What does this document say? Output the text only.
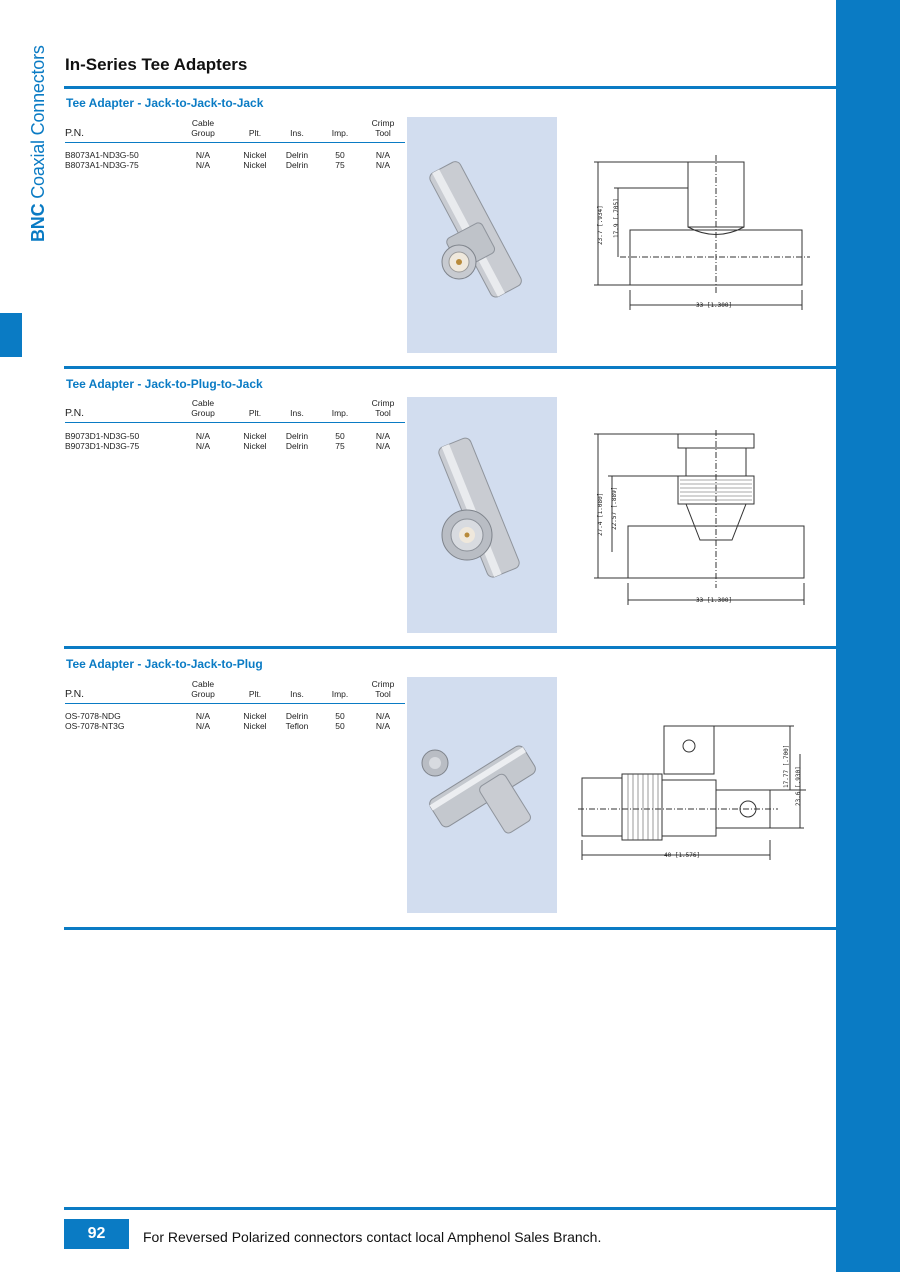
BNC Coaxial Connectors In-Series Tee Adapters
Tee Adapter - Jack-to-Jack-to-Jack
P.N.
Cable
Group	Plt.	Ins.	Imp.
Crimp
Tool
B8073A1-ND3G-50	N/A	Nickel	Delrin	50	N/A
B8073A1-ND3G-75	N/A	Nickel	Delrin	75	N/A
23.7 [.934] 17.9 [.705]
33 [1.300]
Tee Adapter - Jack-to-Plug-to-Jack
P.N.
Cable
Group	Plt.	Ins.	Imp.
Crimp
Tool
B9073D1-ND3G-50	N/A	Nickel	Delrin	50	N/A
B9073D1-ND3G-75	N/A	Nickel	Delrin	75	N/A
27.4 [1.080] 22.57 [.889]
33 [1.300]
Tee Adapter - Jack-to-Jack-to-Plug
P.N.
Cable
Group	Plt.	Ins.	Imp.
Crimp
Tool
OS-7078-NDG	N/A	Nickel	Delrin	50	N/A
OS-7078-NT3G	N/A	Nickel	Teflon	50	N/A
17.77 [.700] 23.6 [.930]
40 [1.576]
92	For Reversed Polarized connectors contact local Amphenol Sales Branch.
